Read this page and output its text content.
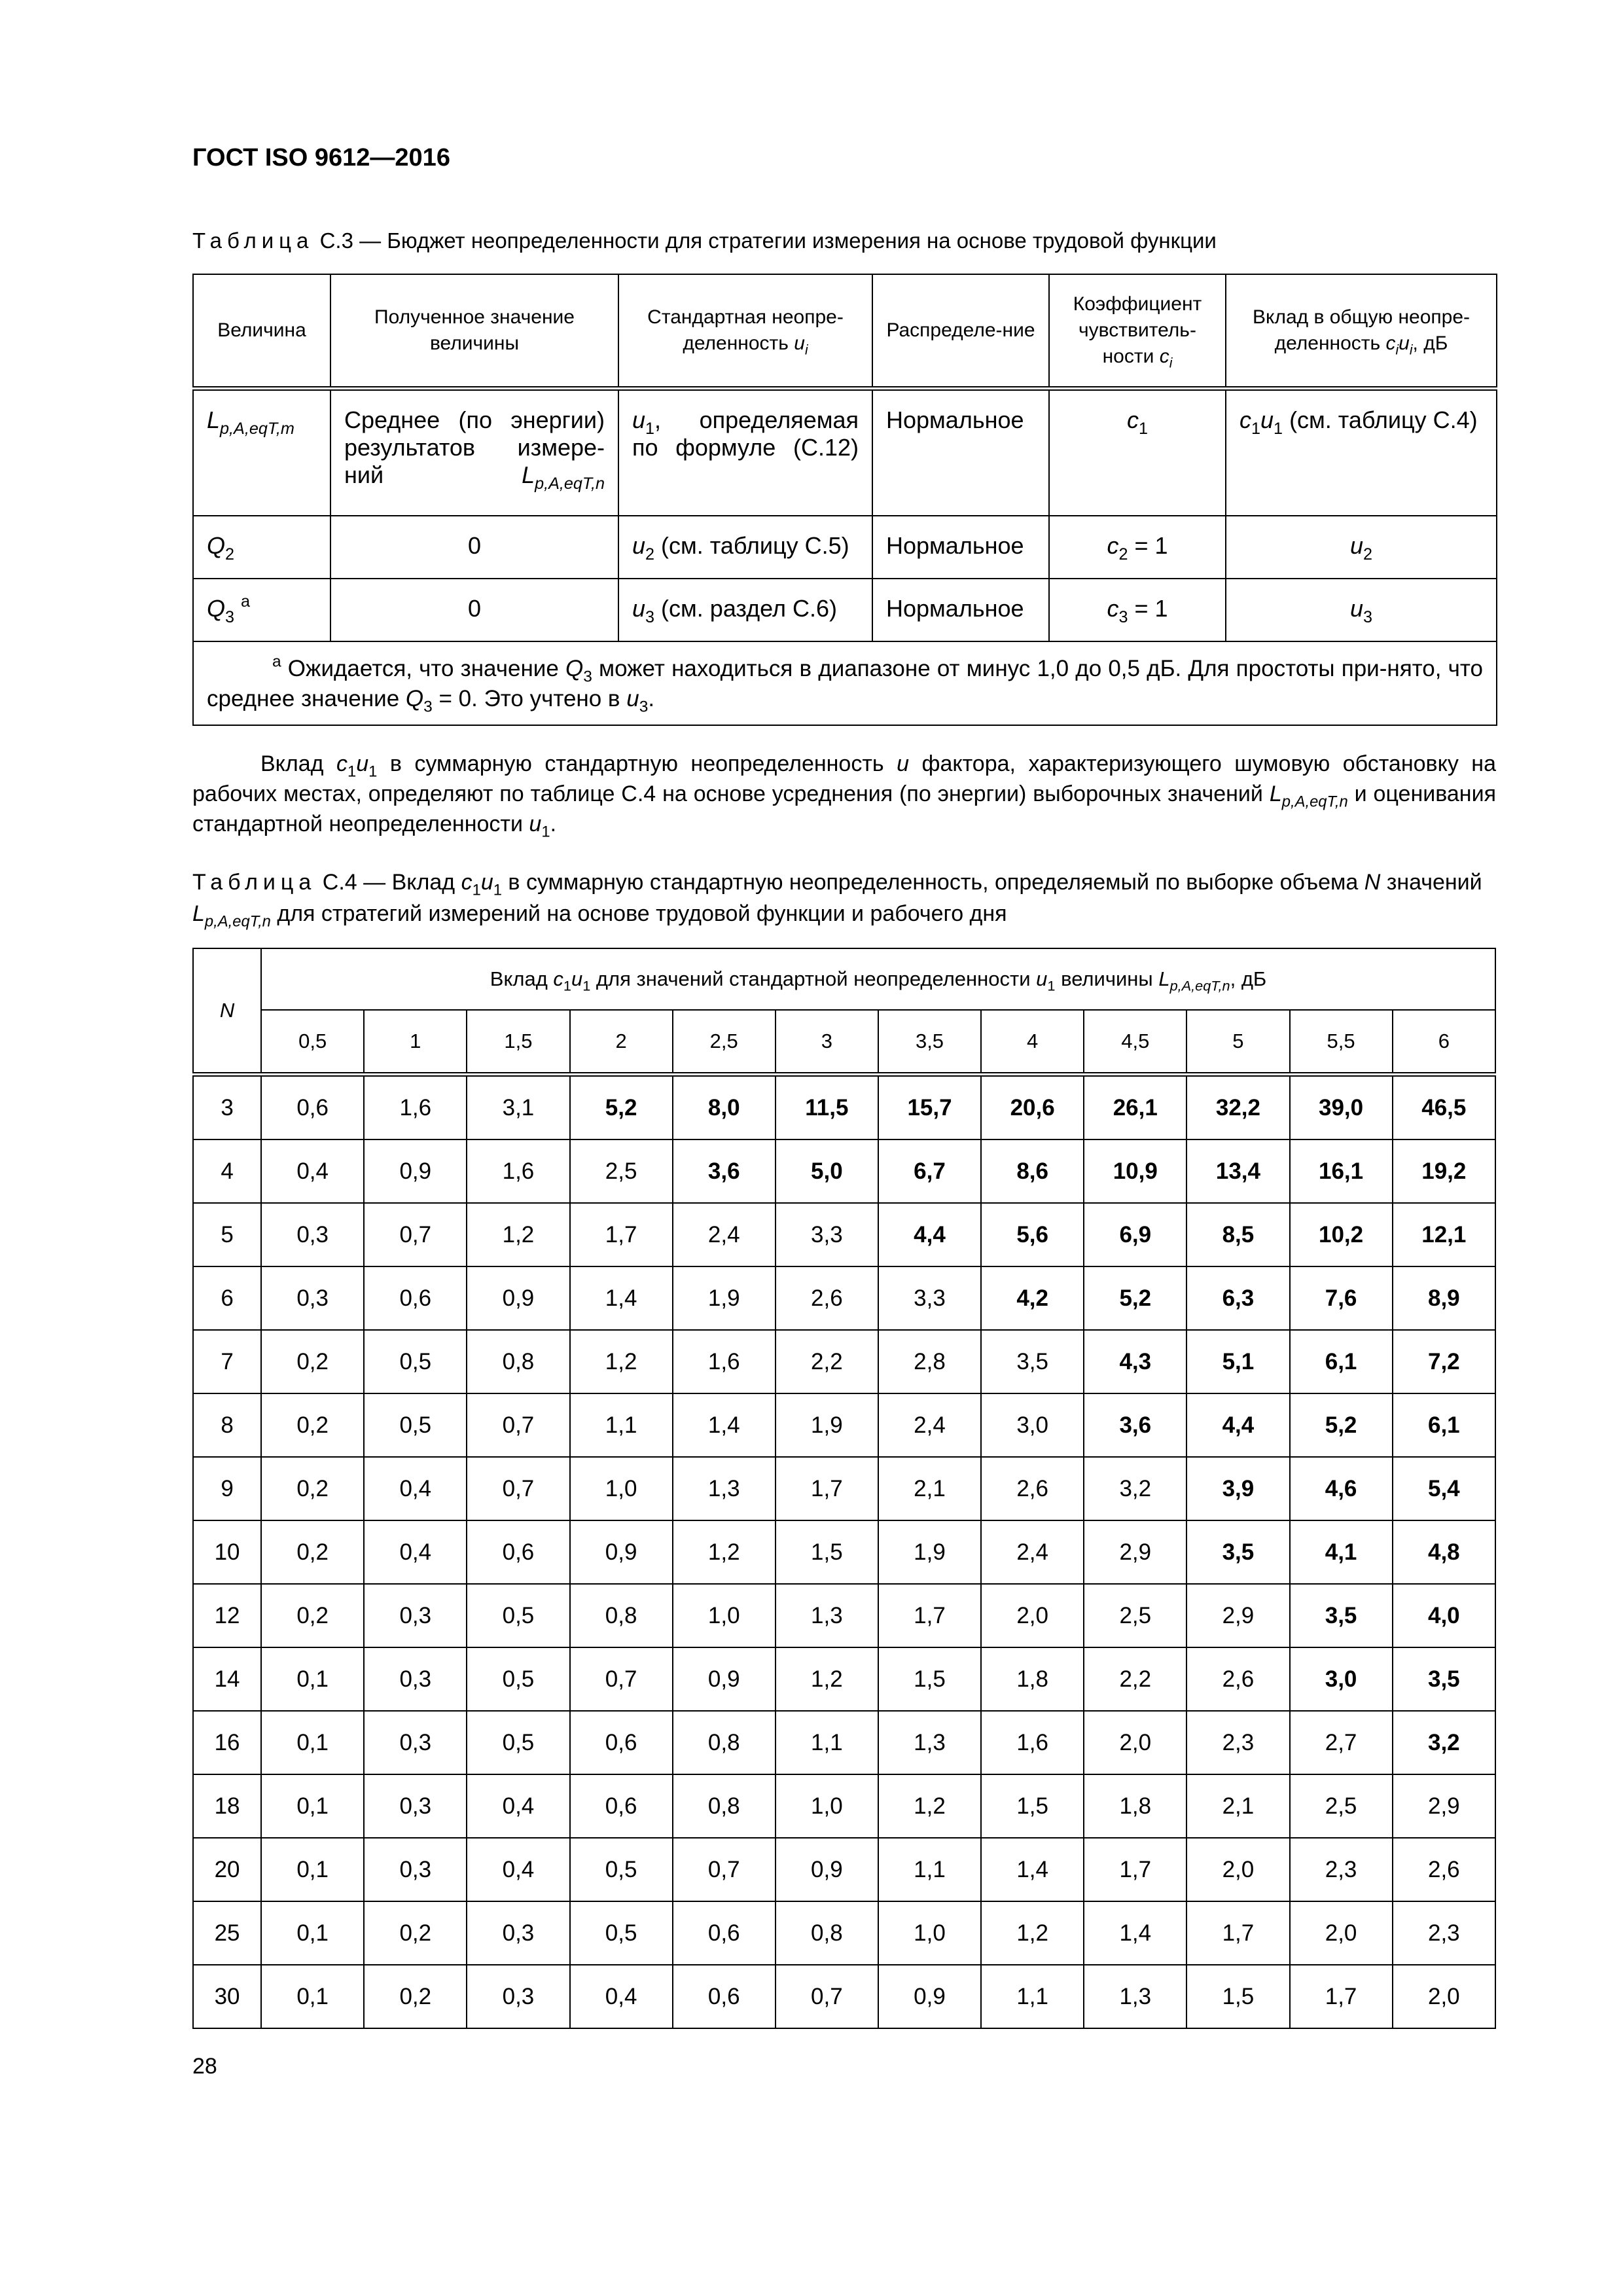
ГОСТ ISO 9612—2016
Таблица С.3 — Бюджет неопределенности для стратегии измерения на основе трудовой функции
Величина	Полученное значение величины	Стандартная неопре-деленность $u_i$	Распределе-ние	Коэффициент чувствитель-ности $c_i$	Вклад в общую неопре-деленность $c_iu_i$, дБ
$L_{p,A,eqT,m}$	Среднее (по энергии) результатов измере-ний $L_{p,A,eqT,n}$	$u_1$, определяемая по формуле (С.12)	Нормальное	$c_1$	$c_1u_1$ (см. таблицу С.4)
$Q_2$	0	$u_2$ (см. таблицу С.5)	Нормальное	$c_2 = 1$	$u_2$
$Q_3$ $^a$	0	$u_3$ (см. раздел С.6)	Нормальное	$c_3 = 1$	$u_3$
$^a$ Ожидается, что значение $Q_3$ может находиться в диапазоне от минус 1,0 до 0,5 дБ. Для простоты при-нято, что среднее значение $Q_3 = 0$. Это учтено в $u_3$.					
Вклад $c_1u_1$ в суммарную стандартную неопределенность u фактора, характеризующего шумовую обстановку на рабочих местах, определяют по таблице С.4 на основе усреднения (по энергии) выборочных значений $L_{p,A,eqT,n}$ и оценивания стандартной неопределенности $u_1$.
Таблица С.4 — Вклад $c_1u_1$ в суммарную стандартную неопределенность, определяемый по выборке объема N значений $L_{p,A,eqT,n}$ для стратегий измерений на основе трудовой функции и рабочего дня
N	Вклад $c_1u_1$ для значений стандартной неопределенности $u_1$ величины $L_{p,A,eqT,n}$, дБ											
	0,5	1	1,5	2	2,5	3	3,5	4	4,5	5	5,5	6
3	0,6	1,6	3,1	5,2	8,0	11,5	15,7	20,6	26,1	32,2	39,0	46,5
4	0,4	0,9	1,6	2,5	3,6	5,0	6,7	8,6	10,9	13,4	16,1	19,2
5	0,3	0,7	1,2	1,7	2,4	3,3	4,4	5,6	6,9	8,5	10,2	12,1
6	0,3	0,6	0,9	1,4	1,9	2,6	3,3	4,2	5,2	6,3	7,6	8,9
7	0,2	0,5	0,8	1,2	1,6	2,2	2,8	3,5	4,3	5,1	6,1	7,2
8	0,2	0,5	0,7	1,1	1,4	1,9	2,4	3,0	3,6	4,4	5,2	6,1
9	0,2	0,4	0,7	1,0	1,3	1,7	2,1	2,6	3,2	3,9	4,6	5,4
10	0,2	0,4	0,6	0,9	1,2	1,5	1,9	2,4	2,9	3,5	4,1	4,8
12	0,2	0,3	0,5	0,8	1,0	1,3	1,7	2,0	2,5	2,9	3,5	4,0
14	0,1	0,3	0,5	0,7	0,9	1,2	1,5	1,8	2,2	2,6	3,0	3,5
16	0,1	0,3	0,5	0,6	0,8	1,1	1,3	1,6	2,0	2,3	2,7	3,2
18	0,1	0,3	0,4	0,6	0,8	1,0	1,2	1,5	1,8	2,1	2,5	2,9
20	0,1	0,3	0,4	0,5	0,7	0,9	1,1	1,4	1,7	2,0	2,3	2,6
25	0,1	0,2	0,3	0,5	0,6	0,8	1,0	1,2	1,4	1,7	2,0	2,3
30	0,1	0,2	0,3	0,4	0,6	0,7	0,9	1,1	1,3	1,5	1,7	2,0
28
